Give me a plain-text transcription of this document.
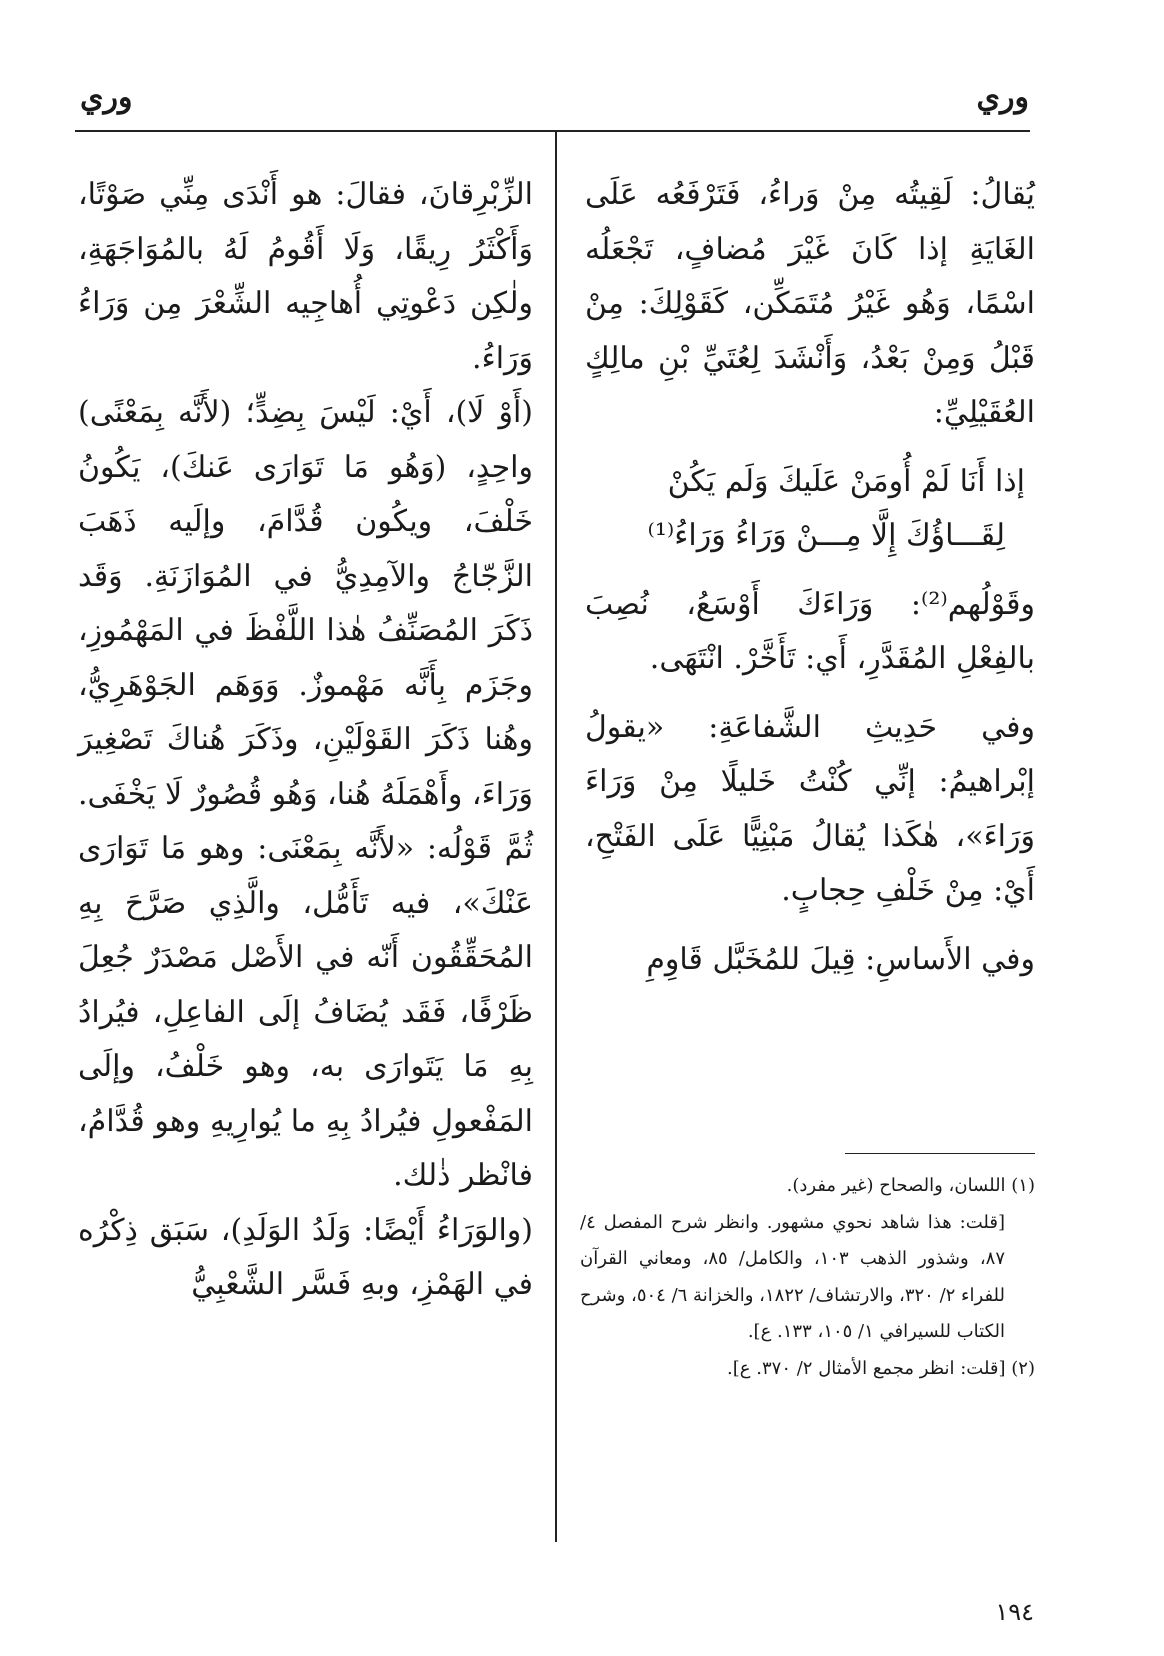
وري
وري

يُقالُ: لَقِيتُه مِنْ وَراءُ، فَتَرْفَعُه عَلَى الغَايَةِ إذا كَانَ غَيْرَ مُضافٍ، تَجْعَلُه اسْمًا، وَهُو غَيْرُ مُتَمَكِّن، كَقَوْلِكَ: مِنْ قَبْلُ وَمِنْ بَعْدُ، وَأَنْشَدَ لِعُتَيِّ بْنِ مالِكٍ العُقَيْلِيِّ:

إذا أَنَا لَمْ أُومَنْ عَلَيكَ وَلَم يَكُنْ

لِقَـــاؤُكَ إِلَّا مِـــنْ وَرَاءُ وَرَاءُ⁽¹⁾

وقَوْلُهم⁽²⁾: وَرَاءَكَ أَوْسَعُ، نُصِبَ بالفِعْلِ المُقَدَّرِ، أَي: تَأَخَّرْ. انْتَهَى.

وفي حَدِيثِ الشَّفاعَةِ: «يقولُ إبْراهيمُ: إنِّي كُنْتُ خَليلًا مِنْ وَرَاءَ وَرَاءَ»، هٰكَذا يُقالُ مَبْنِيًّا عَلَى الفَتْحِ، أَيْ: مِنْ خَلْفِ حِجابٍ.

وفي الأَساسِ: قِيلَ للمُخَبَّل قَاوِمِ

الزِّبْرِقانَ، فقالَ: هو أَنْدَى مِنِّي صَوْتًا، وَأَكْثَرُ رِيقًا، وَلَا أَقُومُ لَهُ بالمُوَاجَهَةِ، ولٰكِن دَعْوتِي أُهاجِيه الشِّعْرَ مِن وَرَاءُ وَرَاءُ.

(أَوْ لَا)، أَيْ: لَيْسَ بِضِدٍّ؛ (لأَنَّه بِمَعْنًى) واحِدٍ، (وَهُو مَا تَوَارَى عَنكَ)، يَكُونُ خَلْفَ، ويكُون قُدَّامَ، وإلَيه ذَهَبَ الزَّجّاجُ والآمِدِيُّ في المُوَازَنَةِ. وَقَد ذَكَرَ المُصَنِّفُ هٰذا اللَّفْظَ في المَهْمُوزِ، وجَزَم بِأَنَّه مَهْموزٌ. وَوَهَم الجَوْهَرِيُّ، وهُنا ذَكَرَ القَوْلَيْنِ، وذَكَرَ هُناكَ تَصْغِيرَ وَرَاءَ، وأَهْمَلَهُ هُنا، وَهُو قُصُورٌ لَا يَخْفَى. ثُمَّ قَوْلُه: «لأَنَّه بِمَعْنَى: وهو مَا تَوَارَى عَنْكَ»، فيه تَأَمُّل، والَّذِي صَرَّحَ بِهِ المُحَقِّقُون أَنّه في الأَصْل مَصْدَرٌ جُعِلَ ظَرْفًا، فَقَد يُضَافُ إلَى الفاعِلِ، فيُرادُ بِهِ مَا يَتَوارَى به، وهو خَلْفُ، وإلَى المَفْعولِ فيُرادُ بِهِ ما يُوارِيهِ وهو قُدَّامُ، فانْظر ذٰلك.

(والوَرَاءُ أَيْضًا: وَلَدُ الوَلَدِ)، سَبَق ذِكْرُه في الهَمْزِ، وبهِ فَسَّر الشَّعْبِيُّ

(١) اللسان، والصحاح (غير مفرد).

[قلت: هذا شاهد نحوي مشهور. وانظر شرح المفصل ٤/ ٨٧، وشذور الذهب ١٠٣، والكامل/ ٨٥، ومعاني القرآن للفراء ٢/ ٣٢٠، والارتشاف/ ١٨٢٢، والخزانة ٦/ ٥٠٤، وشرح الكتاب للسيرافي ١/ ١٠٥، ١٣٣. ع].

(٢) [قلت: انظر مجمع الأمثال ٢/ ٣٧٠. ع].

١٩٤
